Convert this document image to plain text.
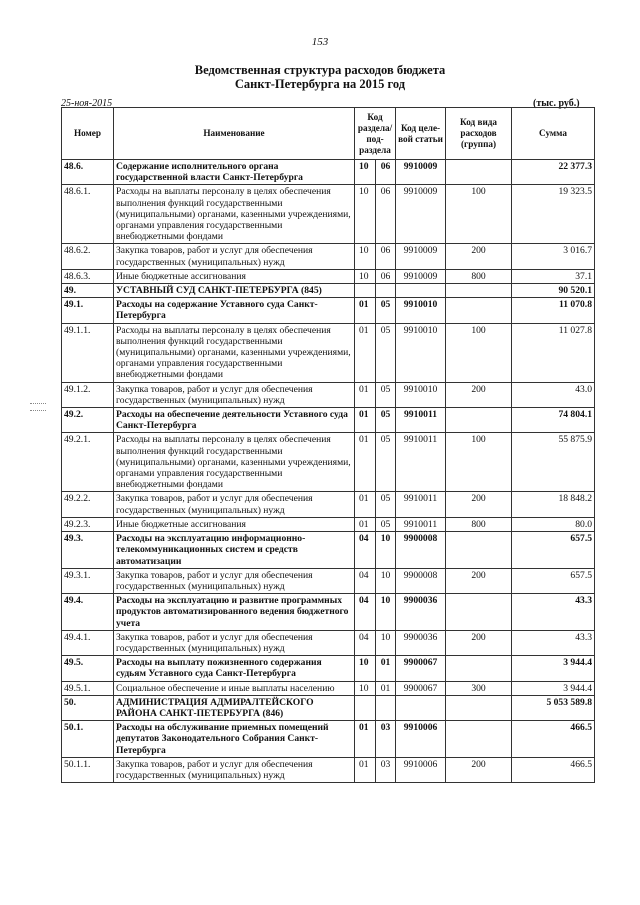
153
Ведомственная структура расходов бюджета
Санкт-Петербурга на 2015 год
25-ноя-2015	(тыс. руб.)
Номер	Наименование	Код раздела/ под- раздела		Код целе- вой статьи	Код вида расходов (группа)	Сумма
48.6.	Содержание исполнительного органа государственной власти Санкт-Петербурга	10	06	9910009		22 377.3
48.6.1.	Расходы на выплаты персоналу в целях обеспечения выполнения функций государственными (муниципальными) органами, казенными учреждениями, органами управления государственными внебюджетными фондами	10	06	9910009	100	19 323.5
48.6.2.	Закупка товаров, работ и услуг для обеспечения государственных (муниципальных) нужд	10	06	9910009	200	3 016.7
48.6.3.	Иные бюджетные ассигнования	10	06	9910009	800	37.1
49.	УСТАВНЫЙ СУД САНКТ-ПЕТЕРБУРГА (845)					90 520.1
49.1.	Расходы на содержание Уставного суда Санкт-Петербурга	01	05	9910010		11 070.8
49.1.1.	Расходы на выплаты персоналу в целях обеспечения выполнения функций государственными (муниципальными) органами, казенными учреждениями, органами управления государственными внебюджетными фондами	01	05	9910010	100	11 027.8
49.1.2.	Закупка товаров, работ и услуг для обеспечения государственных (муниципальных) нужд	01	05	9910010	200	43.0
49.2.	Расходы на обеспечение деятельности Уставного суда Санкт-Петербурга	01	05	9910011		74 804.1
49.2.1.	Расходы на выплаты персоналу в целях обеспечения выполнения функций государственными (муниципальными) органами, казенными учреждениями, органами управления государственными внебюджетными фондами	01	05	9910011	100	55 875.9
49.2.2.	Закупка товаров, работ и услуг для обеспечения государственных (муниципальных) нужд	01	05	9910011	200	18 848.2
49.2.3.	Иные бюджетные ассигнования	01	05	9910011	800	80.0
49.3.	Расходы на эксплуатацию информационно-телекоммуникационных систем и средств автоматизации	04	10	9900008		657.5
49.3.1.	Закупка товаров, работ и услуг для обеспечения государственных (муниципальных) нужд	04	10	9900008	200	657.5
49.4.	Расходы на эксплуатацию и развитие программных продуктов автоматизированного ведения бюджетного учета	04	10	9900036		43.3
49.4.1.	Закупка товаров, работ и услуг для обеспечения государственных (муниципальных) нужд	04	10	9900036	200	43.3
49.5.	Расходы на выплату пожизненного содержания судьям Уставного суда Санкт-Петербурга	10	01	9900067		3 944.4
49.5.1.	Социальное обеспечение и иные выплаты населению	10	01	9900067	300	3 944.4
50.	АДМИНИСТРАЦИЯ АДМИРАЛТЕЙСКОГО РАЙОНА САНКТ-ПЕТЕРБУРГА (846)					5 053 589.8
50.1.	Расходы на обслуживание приемных помещений депутатов Законодательного Собрания Санкт-Петербурга	01	03	9910006		466.5
50.1.1.	Закупка товаров, работ и услуг для обеспечения государственных (муниципальных) нужд	01	03	9910006	200	466.5
